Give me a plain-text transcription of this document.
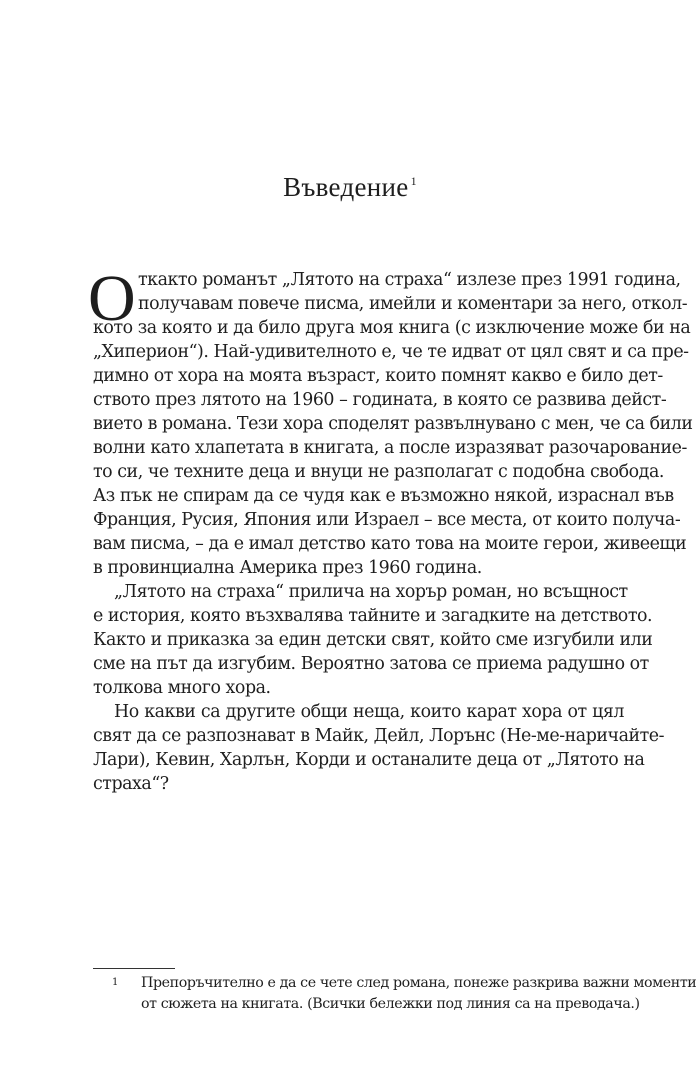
Въведение $^1$
О ткакто романът „Лятото на страха“ излезе през 1991 година,
получавам повече писма, имейли и коментари за него, откол-
кото за която и да било друга моя книга (с изключение може би на
„Хиперион“). Най-удивителното е, че те идват от цял свят и са пре-
димно от хора на моята възраст, които помнят какво е било дет-
ството през лятото на 1960 – годината, в която се развива дейст-
вието в романа. Тези хора споделят развълнувано с мен, че са били
волни като хлапетата в книгата, а после изразяват разочарование-
то си, че техните деца и внуци не разполагат с подобна свобода.
Аз пък не спирам да се чудя как е възможно някой, израснал във
Франция, Русия, Япония или Израел – все места, от които получа-
вам писма, – да е имал детство като това на моите герои, живеещи
в провинциална Америка през 1960 година.
„Лятото на страха“ прилича на хорър роман, но всъщност
е история, която възхвалява тайните и загадките на детството.
Както и приказка за един детски свят, който сме изгубили или
сме на път да изгубим. Вероятно затова се приема радушно от
толкова много хора.
Но какви са другите общи неща, които карат хора от цял
свят да се разпознават в Майк, Дейл, Лорънс (Не-ме-наричайте-
Лари), Кевин, Харлън, Корди и останалите деца от „Лятото на
страха“?
1 Препоръчително е да се чете след романа, понеже разкрива важни моменти
от сюжета на книгата. (Всички бележки под линия са на преводача.)
